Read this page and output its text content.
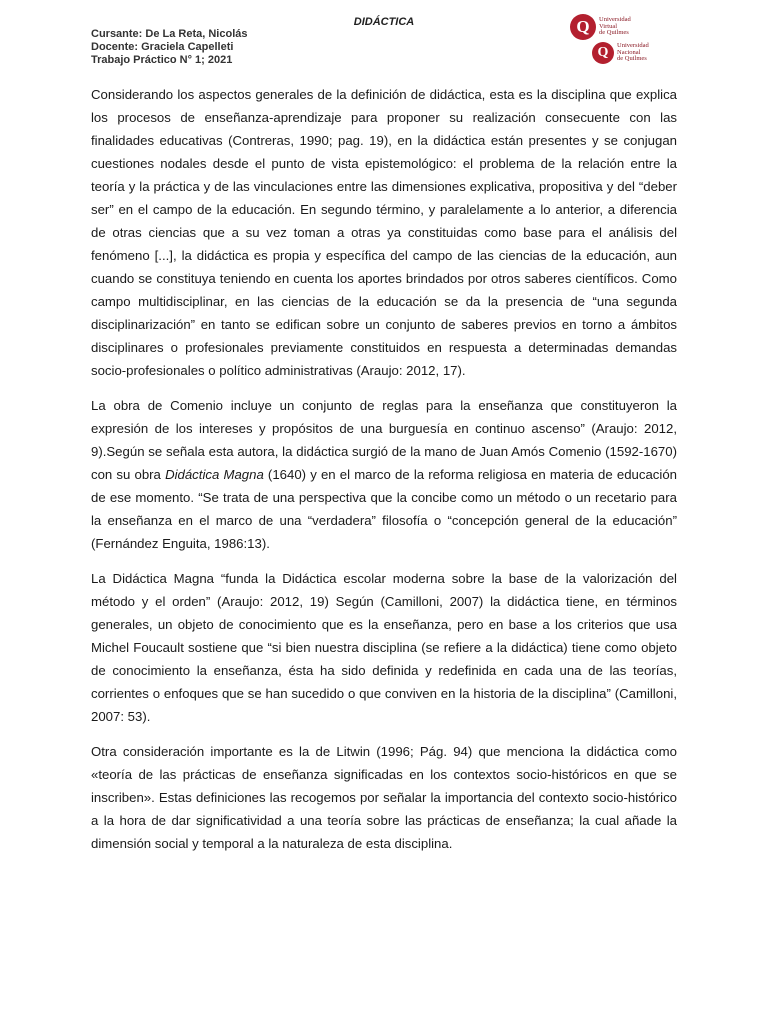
DIDÁCTICA
Cursante: De La Reta, Nicolás
Docente: Graciela Capelleti
Trabajo Práctico N° 1; 2021
Q	Universidad
Virtual
de Quilmes
Q	Universidad
Nacional
de Quilmes

Considerando los aspectos generales de la definición de didáctica, esta es la disciplina que explica los procesos de enseñanza-aprendizaje para proponer su realización consecuente con las finalidades educativas (Contreras, 1990; pag. 19), en la didáctica están presentes y se conjugan cuestiones nodales desde el punto de vista epistemológico: el problema de la relación entre la teoría y la práctica y de las vinculaciones entre las dimensiones explicativa, propositiva y del “deber ser” en el campo de la educación. En segundo término, y paralelamente a lo anterior, a diferencia de otras ciencias que a su vez toman a otras ya constituidas como base para el análisis del fenómeno [...], la didáctica es propia y específica del campo de las ciencias de la educación, aun cuando se constituya teniendo en cuenta los aportes brindados por otros saberes científicos. Como campo multidisciplinar, en las ciencias de la educación se da la presencia de “una segunda disciplinarización” en tanto se edifican sobre un conjunto de saberes previos en torno a ámbitos disciplinares o profesionales previamente constituidos en respuesta a determinadas demandas socio-profesionales o político administrativas (Araujo: 2012, 17).

La obra de Comenio incluye un conjunto de reglas para la enseñanza que constituyeron la expresión de los intereses y propósitos de una burguesía en continuo ascenso” (Araujo: 2012, 9).Según se señala esta autora, la didáctica surgió de la mano de Juan Amós Comenio (1592-1670) con su obra Didáctica Magna (1640) y en el marco de la reforma religiosa en materia de educación de ese momento. “Se trata de una perspectiva que la concibe como un método o un recetario para la enseñanza en el marco de una “verdadera” filosofía o “concepción general de la educación” (Fernández Enguita, 1986:13).

La Didáctica Magna “funda la Didáctica escolar moderna sobre la base de la valorización del método y el orden” (Araujo: 2012, 19) Según (Camilloni, 2007) la didáctica tiene, en términos generales, un objeto de conocimiento que es la enseñanza, pero en base a los criterios que usa Michel Foucault sostiene que “si bien nuestra disciplina (se refiere a la didáctica) tiene como objeto de conocimiento la enseñanza, ésta ha sido definida y redefinida en cada una de las teorías, corrientes o enfoques que se han sucedido o que conviven en la historia de la disciplina” (Camilloni, 2007: 53).

Otra consideración importante es la de Litwin (1996; Pág. 94) que menciona la didáctica como «teoría de las prácticas de enseñanza significadas en los contextos socio-históricos en que se inscriben». Estas definiciones las recogemos por señalar la importancia del contexto socio-histórico a la hora de dar significatividad a una teoría sobre las prácticas de enseñanza; la cual añade la dimensión social y temporal a la naturaleza de esta disciplina.
